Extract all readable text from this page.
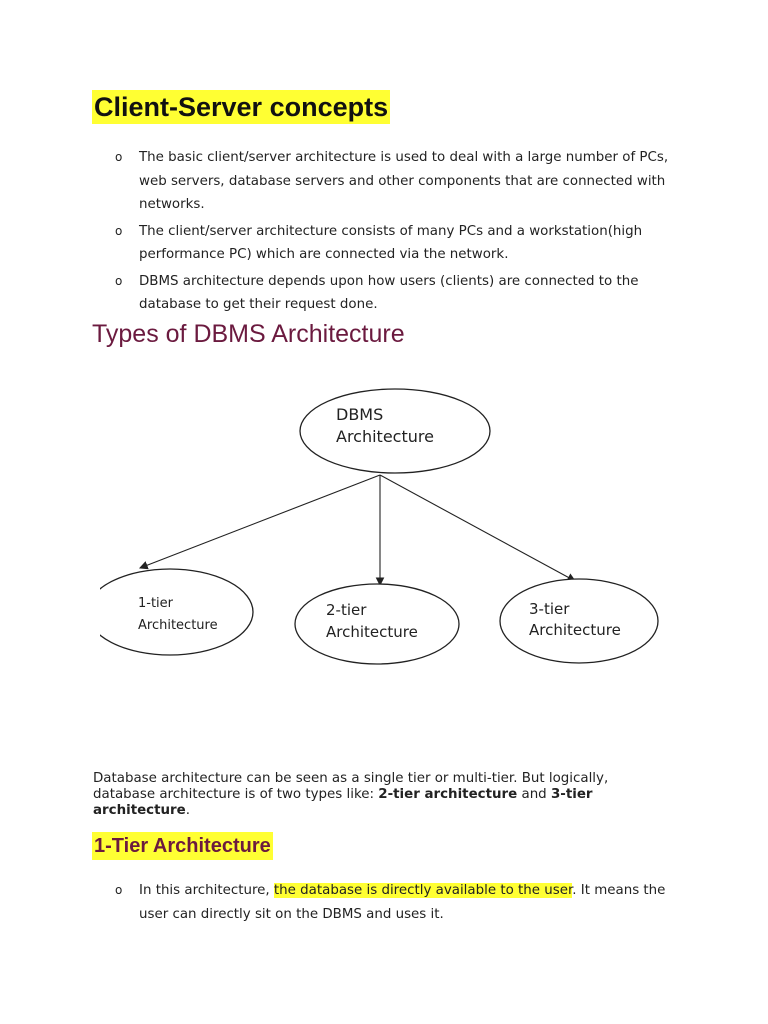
Client-Server concepts
o The basic client/server architecture is used to deal with a large number of PCs, web servers, database servers and other components that are connected with networks.
o The client/server architecture consists of many PCs and a workstation(high performance PC) which are connected via the network.
o DBMS architecture depends upon how users (clients) are connected to the database to get their request done.
Types of DBMS Architecture
DBMS
Architecture
1-tier
Architecture
2-tier
Architecture
3-tier
Architecture

Database architecture can be seen as a single tier or multi-tier. But logically, database architecture is of two types like: 2-tier architecture and 3-tier architecture.

1-Tier Architecture
o In this architecture, the database is directly available to the user. It means the user can directly sit on the DBMS and uses it.
